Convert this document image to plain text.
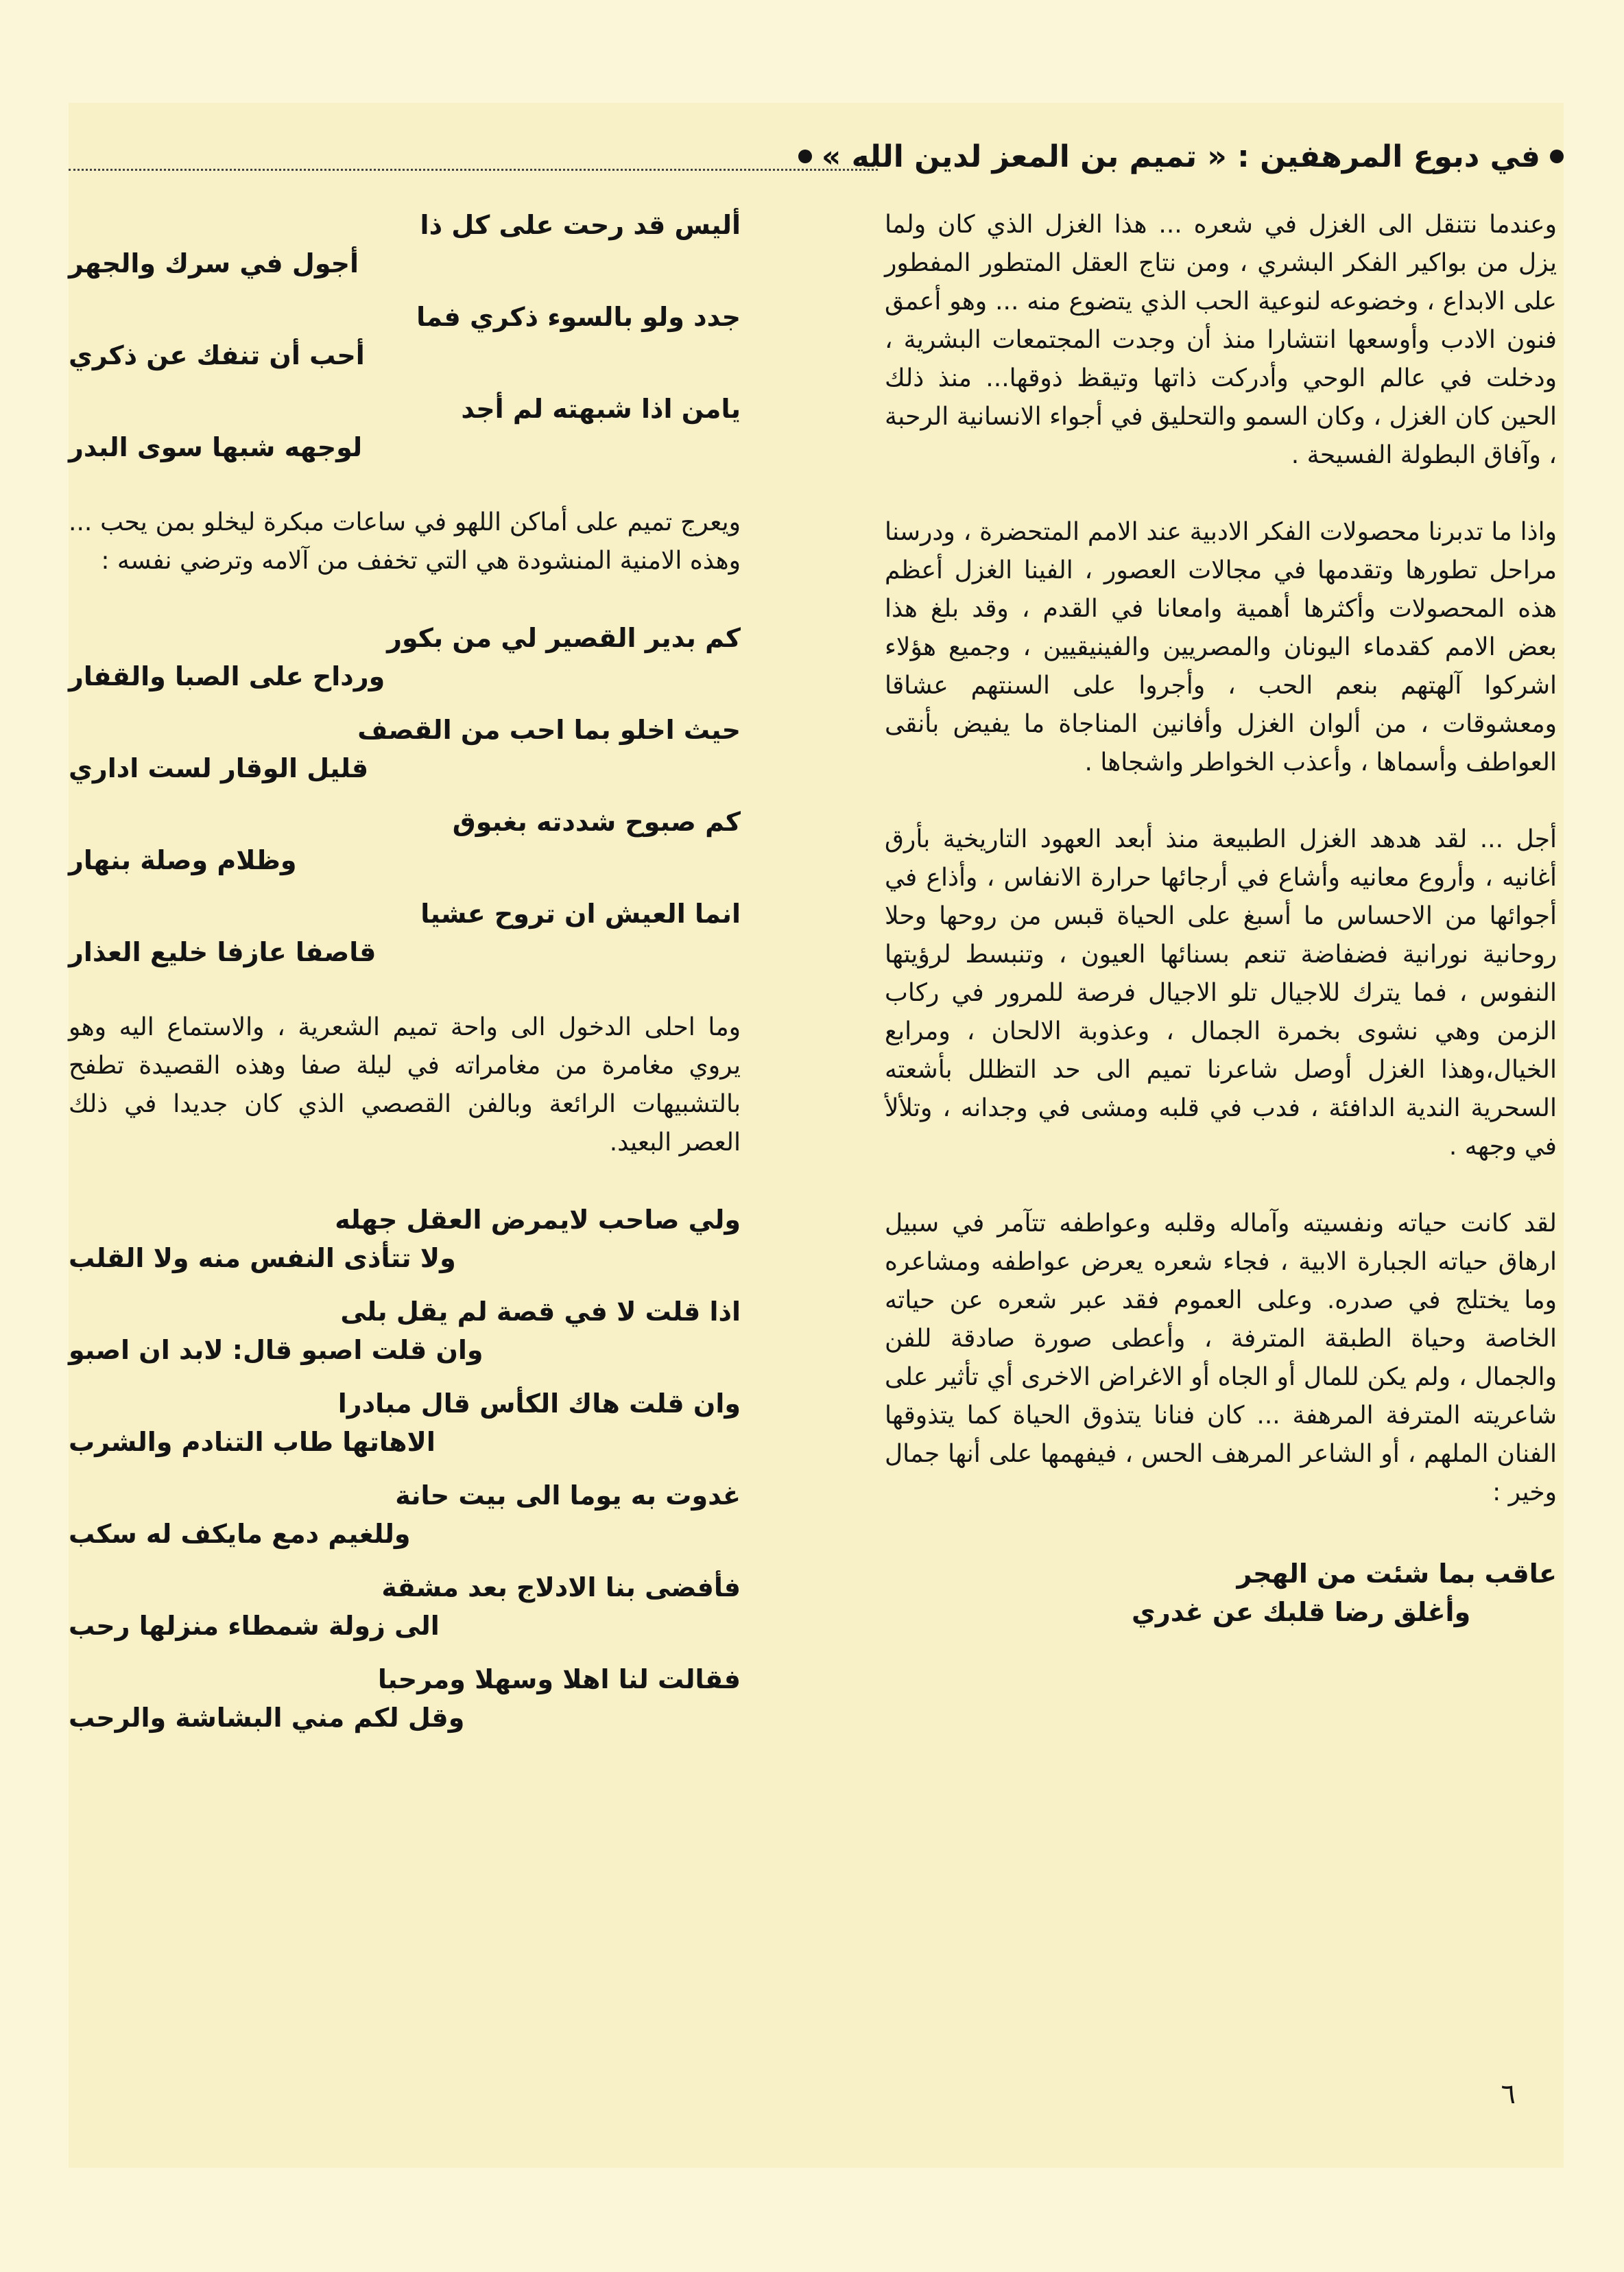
في دبوع المرهفين : « تميم بن المعز لدين الله »

وعندما نتنقل الى الغزل في شعره ... هذا الغزل الذي كان ولما يزل من بواكير الفكر البشري ، ومن نتاج العقل المتطور المفطور على الابداع ، وخضوعه لنوعية الحب الذي يتضوع منه ... وهو أعمق فنون الادب وأوسعها انتشارا منذ أن وجدت المجتمعات البشرية ، ودخلت في عالم الوحي وأدركت ذاتها وتيقظ ذوقها... منذ ذلك الحين كان الغزل ، وكان السمو والتحليق في أجواء الانسانية الرحبة ، وآفاق البطولة الفسيحة .

واذا ما تدبرنا محصولات الفكر الادبية عند الامم المتحضرة ، ودرسنا مراحل تطورها وتقدمها في مجالات العصور ، الفينا الغزل أعظم هذه المحصولات وأكثرها أهمية وامعانا في القدم ، وقد بلغ هذا بعض الامم كقدماء اليونان والمصريين والفينيقيين ، وجميع هؤلاء اشركوا آلهتهم بنعم الحب ، وأجروا على السنتهم عشاقا ومعشوقات ، من ألوان الغزل وأفانين المناجاة ما يفيض بأنقى العواطف وأسماها ، وأعذب الخواطر واشجاها .

أجل ... لقد هدهد الغزل الطبيعة منذ أبعد العهود التاريخية بأرق أغانيه ، وأروع معانيه وأشاع في أرجائها حرارة الانفاس ، وأذاع في أجوائها من الاحساس ما أسبغ على الحياة قبس من روحها وحلا روحانية نورانية فضفاضة تنعم بسنائها العيون ، وتنبسط لرؤيتها النفوس ، فما يترك للاجيال تلو الاجيال فرصة للمرور في ركاب الزمن وهي نشوى بخمرة الجمال ، وعذوبة الالحان ، ومرابع الخيال،وهذا الغزل أوصل شاعرنا تميم الى حد التظلل بأشعته السحرية الندية الدافئة ، فدب في قلبه ومشى في وجدانه ، وتلألأ في وجهه .

لقد كانت حياته ونفسيته وآماله وقلبه وعواطفه تتآمر في سبيل ارهاق حياته الجبارة الابية ، فجاء شعره يعرض عواطفه ومشاعره وما يختلج في صدره. وعلى العموم فقد عبر شعره عن حياته الخاصة وحياة الطبقة المترفة ، وأعطى صورة صادقة للفن والجمال ، ولم يكن للمال أو الجاه أو الاغراض الاخرى أي تأثير على شاعريته المترفة المرهفة ... كان فنانا يتذوق الحياة كما يتذوقها الفنان الملهم ، أو الشاعر المرهف الحس ، فيفهمها على أنها جمال وخير :

عاقب بما شئت من الهجر
وأغلق رضا قلبك عن غدري
أليس قد رحت على كل ذا
أجول في سرك والجهر
جدد ولو بالسوء ذكري فما
أحب أن تنفك عن ذكري
يامن اذا شبهته لم أجد
لوجهه شبها سوى البدر

ويعرج تميم على أماكن اللهو في ساعات مبكرة ليخلو بمن يحب ... وهذه الامنية المنشودة هي التي تخفف من آلامه وترضي نفسه :

كم بدير القصير لي من بكور
ورداح على الصبا والقفار
حيث اخلو بما احب من القصف
قليل الوقار لست اداري
كم صبوح شددته بغبوق
وظلام وصلة بنهار
انما العيش ان تروح عشيا
قاصفا عازفا خليع العذار

وما احلى الدخول الى واحة تميم الشعرية ، والاستماع اليه وهو يروي مغامرة من مغامراته في ليلة صفا وهذه القصيدة تطفح بالتشبيهات الرائعة وبالفن القصصي الذي كان جديدا في ذلك العصر البعيد.

ولي صاحب لايمرض العقل جهله
ولا تتأذى النفس منه ولا القلب
اذا قلت لا في قصة لم يقل بلى
وان قلت اصبو قال: لابد ان اصبو
وان قلت هاك الكأس قال مبادرا
الاهاتها طاب التنادم والشرب
غدوت به يوما الى بيت حانة
وللغيم دمع مايكف له سكب
فأفضى بنا الادلاج بعد مشقة
الى زولة شمطاء منزلها رحب
فقالت لنا اهلا وسهلا ومرحبا
وقل لكم مني البشاشة والرحب
٦
